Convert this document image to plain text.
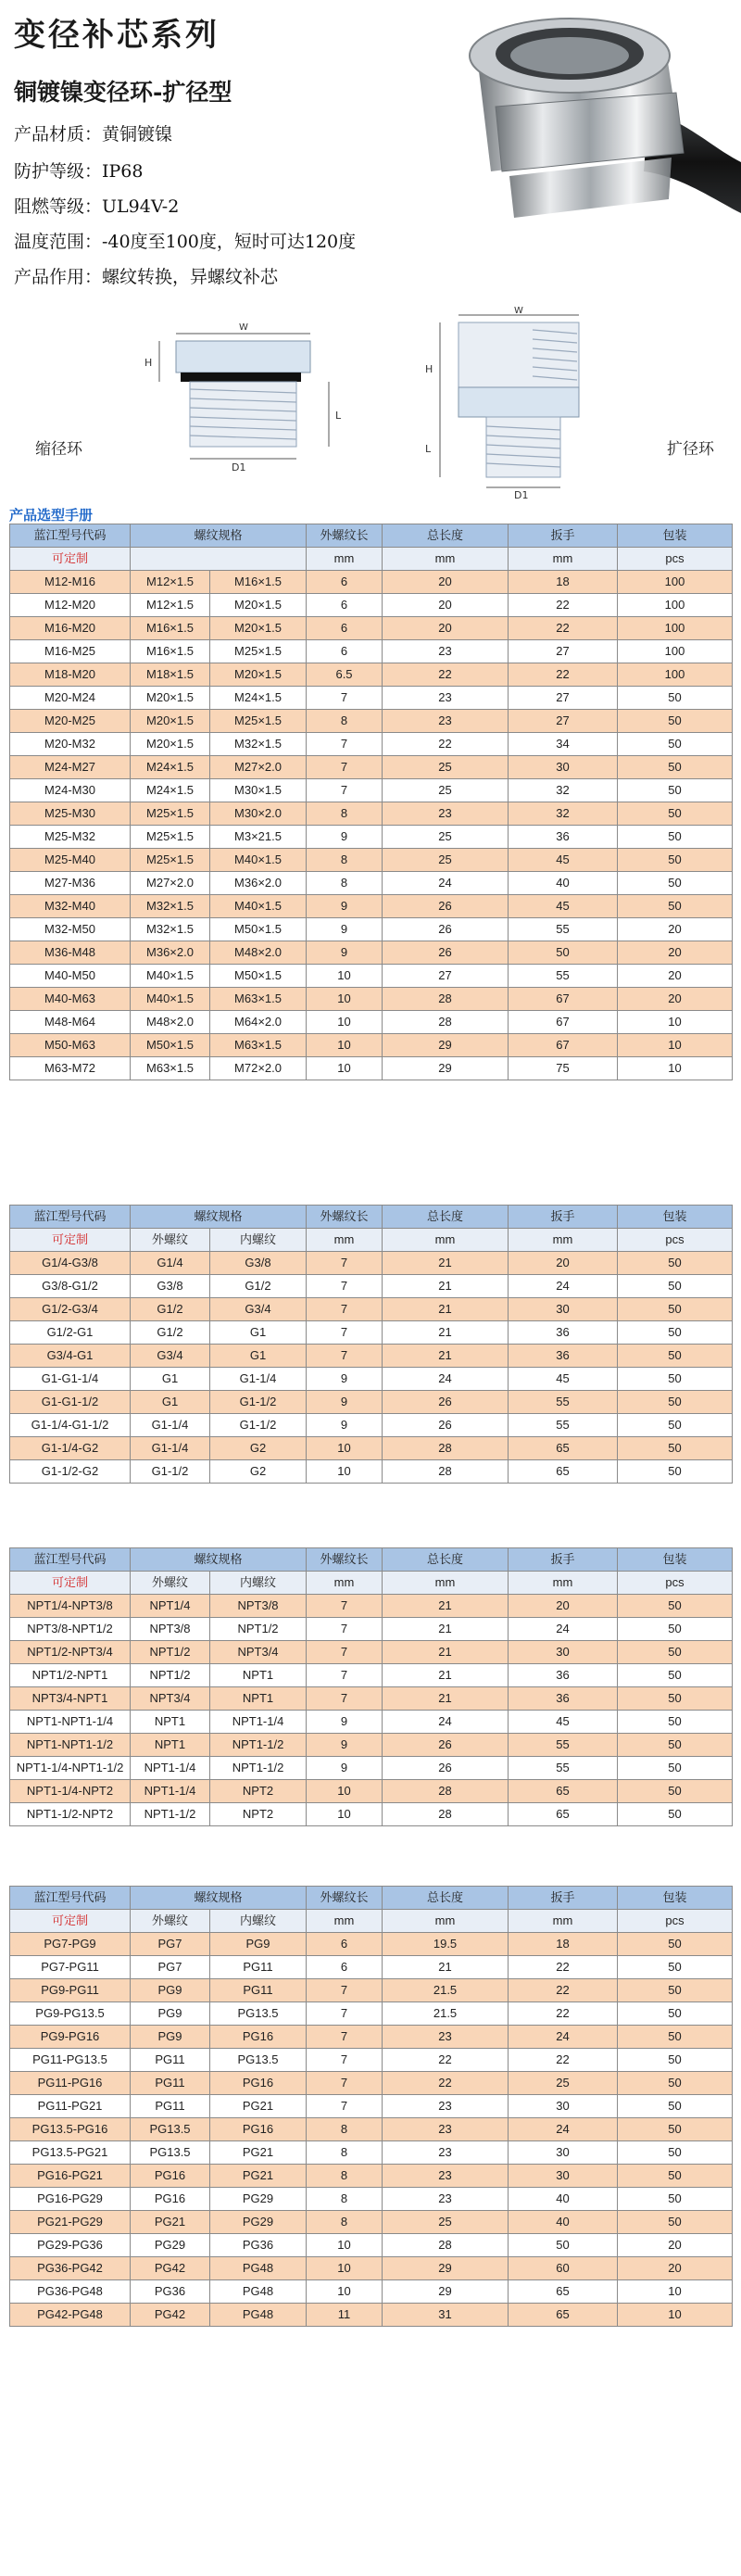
变径补芯系列
铜镀镍变径环-扩径型
产品材质：黄铜镀镍
防护等级：IP68
阻燃等级：UL94V-2
温度范围：-40度至100度，短时可达120度
产品作用：螺纹转换，异螺纹补芯
W
H
L
D1
缩径环
W
H
L
D1
扩径环
产品选型手册
蓝江型号代码	螺纹规格		外螺纹长	总长度	扳手	包装
可定制			mm	mm	mm	pcs
M12-M16	M12×1.5	M16×1.5	6	20	18	100
M12-M20	M12×1.5	M20×1.5	6	20	22	100
M16-M20	M16×1.5	M20×1.5	6	20	22	100
M16-M25	M16×1.5	M25×1.5	6	23	27	100
M18-M20	M18×1.5	M20×1.5	6.5	22	22	100
M20-M24	M20×1.5	M24×1.5	7	23	27	50
M20-M25	M20×1.5	M25×1.5	8	23	27	50
M20-M32	M20×1.5	M32×1.5	7	22	34	50
M24-M27	M24×1.5	M27×2.0	7	25	30	50
M24-M30	M24×1.5	M30×1.5	7	25	32	50
M25-M30	M25×1.5	M30×2.0	8	23	32	50
M25-M32	M25×1.5	M3×21.5	9	25	36	50
M25-M40	M25×1.5	M40×1.5	8	25	45	50
M27-M36	M27×2.0	M36×2.0	8	24	40	50
M32-M40	M32×1.5	M40×1.5	9	26	45	50
M32-M50	M32×1.5	M50×1.5	9	26	55	20
M36-M48	M36×2.0	M48×2.0	9	26	50	20
M40-M50	M40×1.5	M50×1.5	10	27	55	20
M40-M63	M40×1.5	M63×1.5	10	28	67	20
M48-M64	M48×2.0	M64×2.0	10	28	67	10
M50-M63	M50×1.5	M63×1.5	10	29	67	10
M63-M72	M63×1.5	M72×2.0	10	29	75	10
蓝江型号代码	螺纹规格		外螺纹长	总长度	扳手	包装
可定制	外螺纹	内螺纹	mm	mm	mm	pcs
G1/4-G3/8	G1/4	G3/8	7	21	20	50
G3/8-G1/2	G3/8	G1/2	7	21	24	50
G1/2-G3/4	G1/2	G3/4	7	21	30	50
G1/2-G1	G1/2	G1	7	21	36	50
G3/4-G1	G3/4	G1	7	21	36	50
G1-G1-1/4	G1	G1-1/4	9	24	45	50
G1-G1-1/2	G1	G1-1/2	9	26	55	50
G1-1/4-G1-1/2	G1-1/4	G1-1/2	9	26	55	50
G1-1/4-G2	G1-1/4	G2	10	28	65	50
G1-1/2-G2	G1-1/2	G2	10	28	65	50
蓝江型号代码	螺纹规格		外螺纹长	总长度	扳手	包装
可定制	外螺纹	内螺纹	mm	mm	mm	pcs
NPT1/4-NPT3/8	NPT1/4	NPT3/8	7	21	20	50
NPT3/8-NPT1/2	NPT3/8	NPT1/2	7	21	24	50
NPT1/2-NPT3/4	NPT1/2	NPT3/4	7	21	30	50
NPT1/2-NPT1	NPT1/2	NPT1	7	21	36	50
NPT3/4-NPT1	NPT3/4	NPT1	7	21	36	50
NPT1-NPT1-1/4	NPT1	NPT1-1/4	9	24	45	50
NPT1-NPT1-1/2	NPT1	NPT1-1/2	9	26	55	50
NPT1-1/4-NPT1-1/2	NPT1-1/4	NPT1-1/2	9	26	55	50
NPT1-1/4-NPT2	NPT1-1/4	NPT2	10	28	65	50
NPT1-1/2-NPT2	NPT1-1/2	NPT2	10	28	65	50
蓝江型号代码	螺纹规格		外螺纹长	总长度	扳手	包装
可定制	外螺纹	内螺纹	mm	mm	mm	pcs
PG7-PG9	PG7	PG9	6	19.5	18	50
PG7-PG11	PG7	PG11	6	21	22	50
PG9-PG11	PG9	PG11	7	21.5	22	50
PG9-PG13.5	PG9	PG13.5	7	21.5	22	50
PG9-PG16	PG9	PG16	7	23	24	50
PG11-PG13.5	PG11	PG13.5	7	22	22	50
PG11-PG16	PG11	PG16	7	22	25	50
PG11-PG21	PG11	PG21	7	23	30	50
PG13.5-PG16	PG13.5	PG16	8	23	24	50
PG13.5-PG21	PG13.5	PG21	8	23	30	50
PG16-PG21	PG16	PG21	8	23	30	50
PG16-PG29	PG16	PG29	8	23	40	50
PG21-PG29	PG21	PG29	8	25	40	50
PG29-PG36	PG29	PG36	10	28	50	20
PG36-PG42	PG42	PG48	10	29	60	20
PG36-PG48	PG36	PG48	10	29	65	10
PG42-PG48	PG42	PG48	11	31	65	10
